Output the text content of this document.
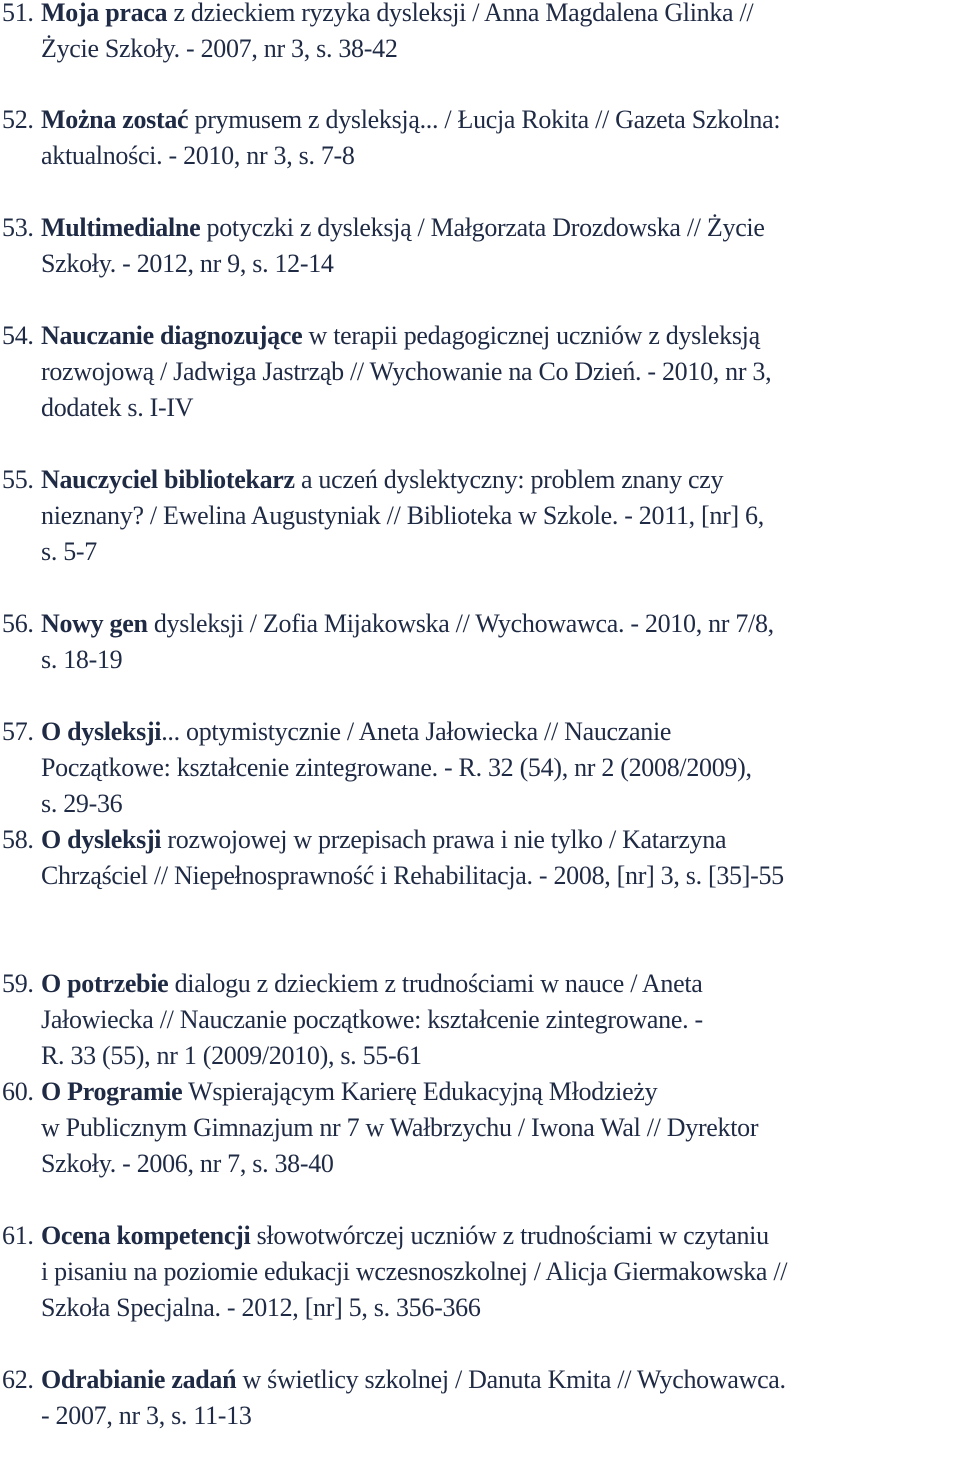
51. Moja praca z dzieckiem ryzyka dysleksji / Anna Magdalena Glinka //
Życie Szkoły. - 2007, nr 3, s. 38-42
52. Można zostać prymusem z dysleksją... / Łucja Rokita // Gazeta Szkolna:
aktualności. - 2010, nr 3, s. 7-8
53. Multimedialne potyczki z dysleksją / Małgorzata Drozdowska // Życie
Szkoły. - 2012, nr 9, s. 12-14
54. Nauczanie diagnozujące w terapii pedagogicznej uczniów z dysleksją
rozwojową / Jadwiga Jastrząb // Wychowanie na Co Dzień. - 2010, nr 3,
dodatek s. I-IV
55. Nauczyciel bibliotekarz a uczeń dyslektyczny: problem znany czy
nieznany? / Ewelina Augustyniak // Biblioteka w Szkole. - 2011, [nr] 6,
s. 5-7
56. Nowy gen dysleksji / Zofia Mijakowska // Wychowawca. - 2010, nr 7/8,
s. 18-19
57. O dysleksji... optymistycznie / Aneta Jałowiecka // Nauczanie
Początkowe: kształcenie zintegrowane. - R. 32 (54), nr 2 (2008/2009),
s. 29-36
58. O dysleksji rozwojowej w przepisach prawa i nie tylko / Katarzyna
Chrząściel // Niepełnosprawność i Rehabilitacja. - 2008, [nr] 3, s. [35]-55
59. O potrzebie dialogu z dzieckiem z trudnościami w nauce / Aneta
Jałowiecka // Nauczanie początkowe: kształcenie zintegrowane. -
R. 33 (55), nr 1 (2009/2010), s. 55-61
60. O Programie Wspierającym Karierę Edukacyjną Młodzieży
w Publicznym Gimnazjum nr 7 w Wałbrzychu / Iwona Wal // Dyrektor
Szkoły. - 2006, nr 7, s. 38-40
61. Ocena kompetencji słowotwórczej uczniów z trudnościami w czytaniu
i pisaniu na poziomie edukacji wczesnoszkolnej / Alicja Giermakowska //
Szkoła Specjalna. - 2012, [nr] 5, s. 356-366
62. Odrabianie zadań w świetlicy szkolnej / Danuta Kmita // Wychowawca.
- 2007, nr 3, s. 11-13
